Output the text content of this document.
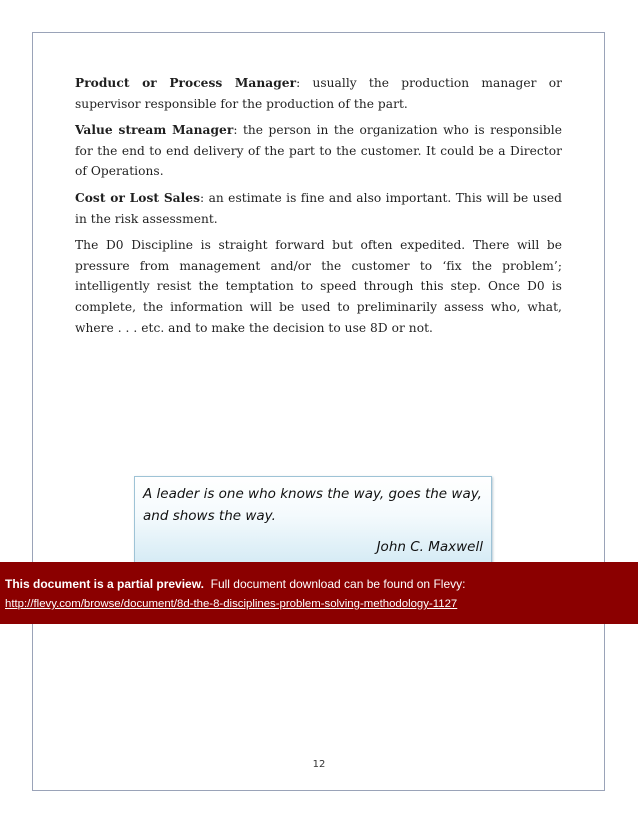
Product or Process Manager: usually the production manager or supervisor responsible for the production of the part.

Value stream Manager: the person in the organization who is responsible for the end to end delivery of the part to the customer. It could be a Director of Operations.

Cost or Lost Sales: an estimate is fine and also important. This will be used in the risk assessment.

The D0 Discipline is straight forward but often expedited. There will be pressure from management and/or the customer to ‘fix the problem’; intelligently resist the temptation to speed through this step. Once D0 is complete, the information will be used to preliminarily assess who, what, where . . . etc. and to make the decision to use 8D or not.

A leader is one who knows the way, goes the way, and shows the way.
John C. Maxwell
This document is a partial preview.  Full document download can be found on Flevy:
http://flevy.com/browse/document/8d-the-8-disciplines-problem-solving-methodology-1127
12
